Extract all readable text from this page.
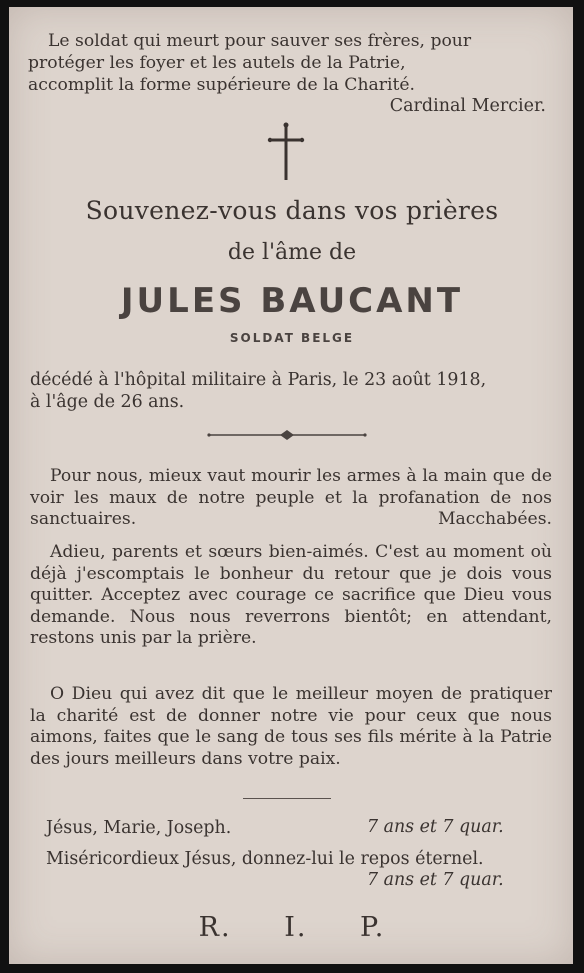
Le soldat qui meurt pour sauver ses frères, pour
protéger les foyer et les autels de la Patrie,
accomplit la forme supérieure de la Charité.
Cardinal Mercier.
Souvenez-vous dans vos prières
de l'âme de
JULES BAUCANT
SOLDAT BELGE
décédé à l'hôpital militaire à Paris, le 23 août 1918,
à l'âge de 26 ans.
Pour nous, mieux vaut mourir les armes à la main que de voir les maux de notre peuple et la profanation de nos sanctuaires.	Macchabées.
Adieu, parents et sœurs bien-aimés. C'est au moment où déjà j'escomptais le bonheur du retour que je dois vous quitter. Acceptez avec courage ce sacrifice que Dieu vous demande. Nous nous reverrons bientôt; en attendant, restons unis par la prière.
O Dieu qui avez dit que le meilleur moyen de pratiquer la charité est de donner notre vie pour ceux que nous aimons, faites que le sang de tous ses fils mérite à la Patrie des jours meilleurs dans votre paix.
Jésus, Marie, Joseph.	7 ans et 7 quar.
Miséricordieux Jésus, donnez-lui le repos éternel.
7 ans et 7 quar.
R. I. P.
